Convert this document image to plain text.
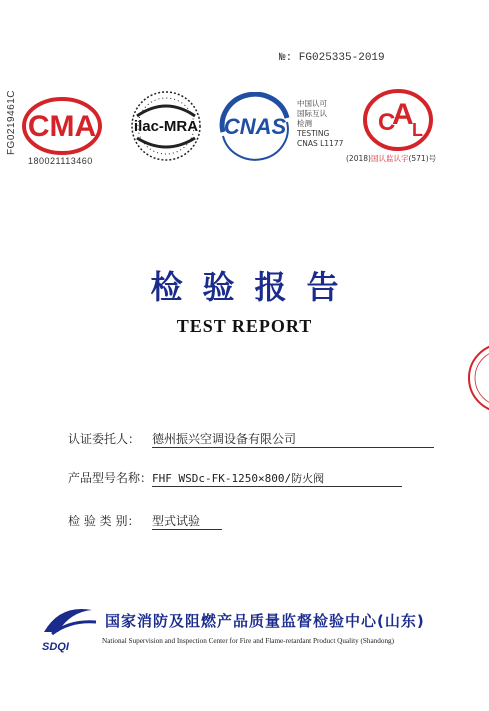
№: FG025335-2019
FG0219461C CMA
180021113460
ilac-MRA CNAS
中国认可
国际互认
检测
TESTING
CNAS L1177
C
A
L
(2018)国认监认字(571)号
检验报告
TEST REPORT
认证委托人： 德州振兴空调设备有限公司
产品型号名称：FHF WSDc-FK-1250×800/防火阀
检 验 类 别： 型式试验
SDQI
国家消防及阻燃产品质量监督检验中心(山东)
National Supervision and Inspection Center for Fire and Flame-retardant Product Quality (Shandong)
